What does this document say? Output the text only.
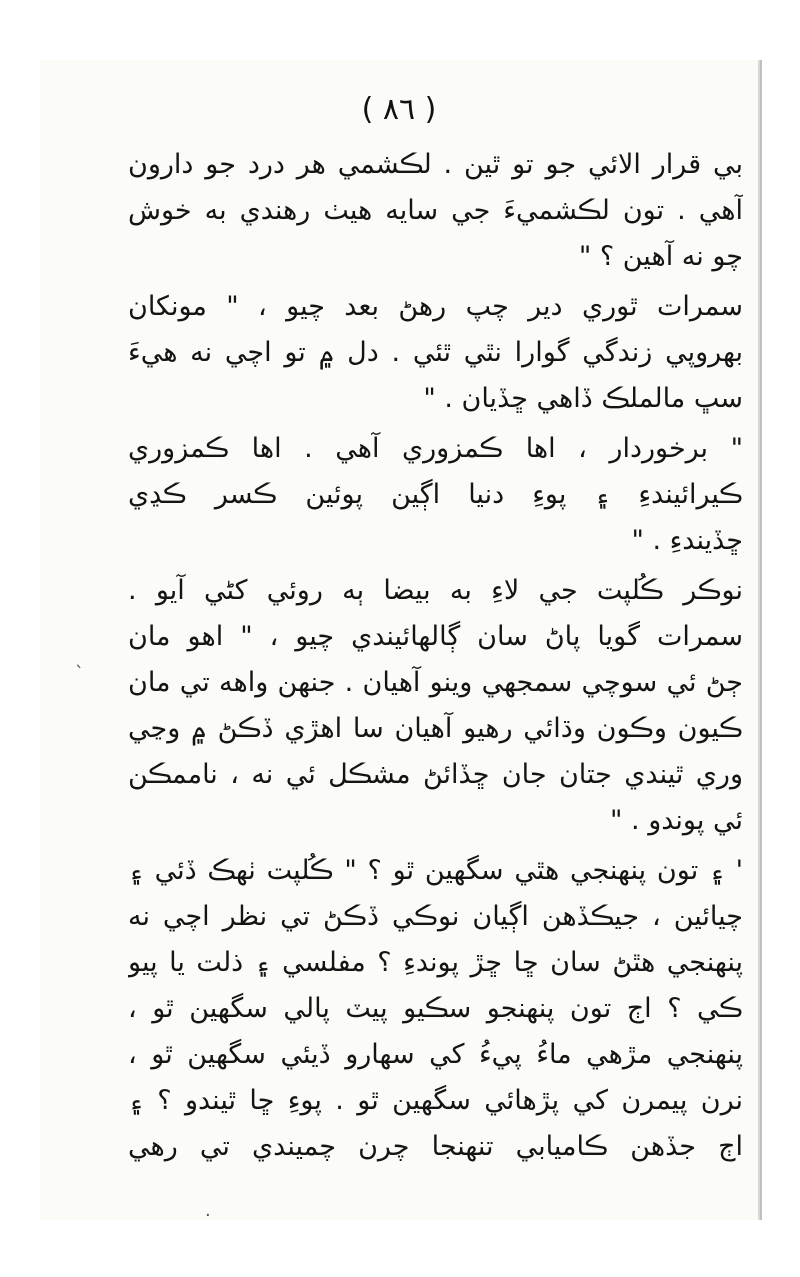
( ٨٦ )
بي قرار الائي جو تو ٿين . لڪشمي هر درد جو دارون
آهي . تون لڪشميءَ جي سايه هيٺ رهندي به خوش
چو نه آهين ؟ "
سمرات ٿوري دير چپ رهڻ بعد چيو ، " مونکان
بهروپي زندگي گوارا نٿي ٿئي . دل ۾ تو اچي نه هيءَ
سڀ مالملڪ ڏاهي ڇڏيان . "
" برخوردار ، اها ڪمزوري آهي . اها ڪمزوري
ڪيرائيندءِ ۽ پوءِ دنيا اڳين پوئين ڪسر ڪڍي
ڇڏيندءِ . "
نوڪر ڪُلپت جي لاءِ به بيضا ٻه روئي کڻي آيو .
سمرات گويا پاڻ سان ڳالهائيندي چيو ، " اهو مان
ڄڻ ئي سوچي سمجهي وينو آهيان . جنهن واهه تي مان
ڪيون وڪون وڌائي رهيو آهيان سا اهڙي ڏڪڻ ۾ وڃي
وري ٿيندي جتان جان ڇڏائڻ مشڪل ئي نه ، ناممڪن
ئي پوندو . "
' ۽ تون پنهنجي هٿي سگهين ٿو ؟ " ڪُلپت ٺهڪ ڏئي ۽
چيائين ، جيڪڏهن اڳيان نوڪي ڏڪڻ تي نظر اچي نه
پنهنجي هٿڻ سان ڇا ڇڙ پوندءِ ؟ مفلسي ۽ ذلت يا پيو
ڪي ؟ اڄ تون پنهنجو سڪيو پيٽ پالي سگهين ٿو ،
پنهنجي مڙهي ماءُ پيءُ کي سهارو ڏيئي سگهين ٿو ،
نرن پيمرن کي پڙهائي سگهين ٿو . پوءِ ڇا ٿيندو ؟ ۽
اڄ جڏهن ڪاميابي تنهنجا چرن چميندي تي رهي
ˎ
·
